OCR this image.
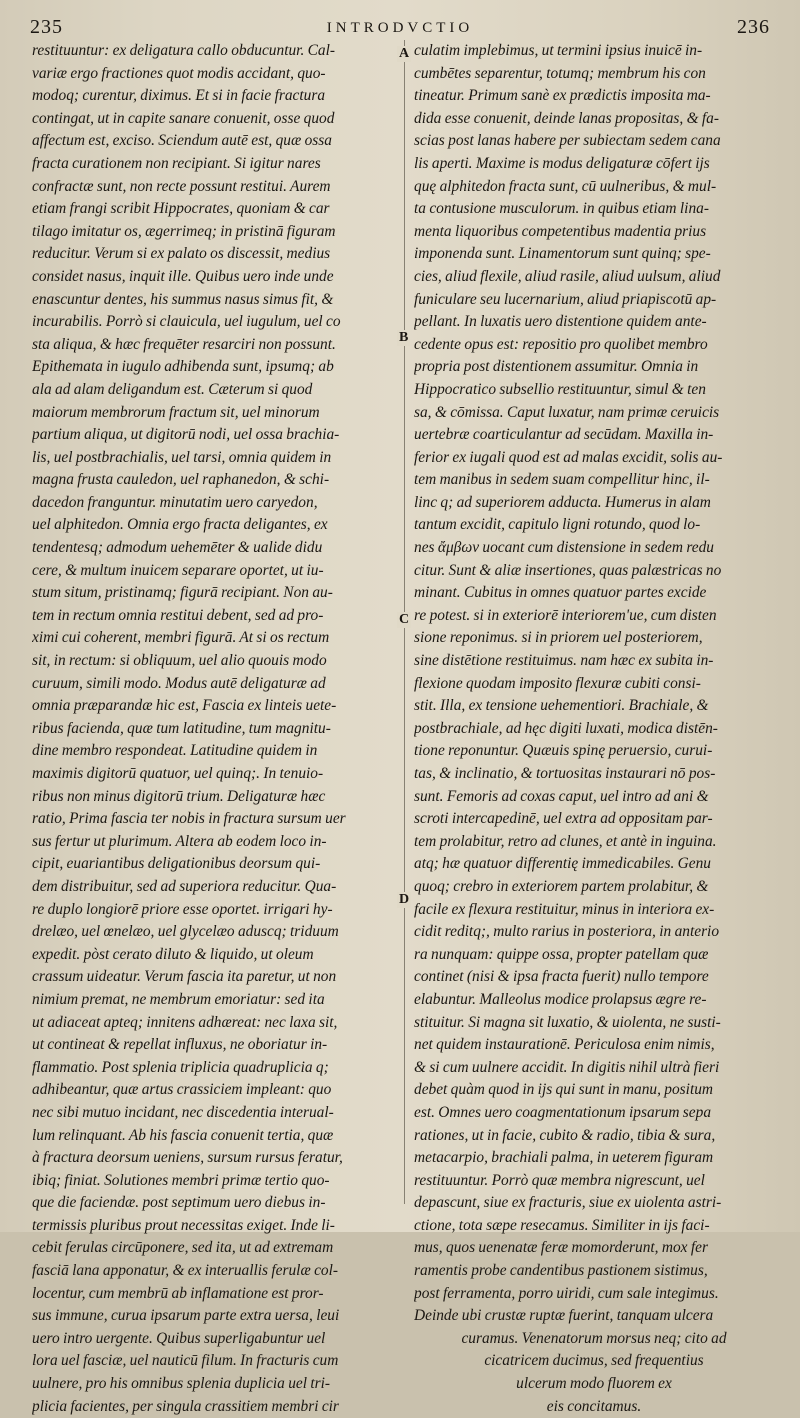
235	INTRODVCTIO	236
restituuntur: ex deligatura callo obducuntur. Cal-
variæ ergo fractiones quot modis accidant, quo-
modoq; curentur, diximus. Et si in facie fractura
contingat, ut in capite sanare conuenit, osse quod
affectum est, exciso. Sciendum autē est, quæ ossa
fracta curationem non recipiant. Si igitur nares
confractæ sunt, non recte possunt restitui. Aurem
etiam frangi scribit Hippocrates, quoniam & car
tilago imitatur os, ægerrimeq; in pristinā figuram
reducitur. Verum si ex palato os discessit, medius
considet nasus, inquit ille. Quibus uero inde unde
enascuntur dentes, his summus nasus simus fit, &
incurabilis. Porrò si clauicula, uel iugulum, uel co
sta aliqua, & hæc frequēter resarciri non possunt.
Epithemata in iugulo adhibenda sunt, ipsumq; ab
ala ad alam deligandum est. Cæterum si quod
maiorum membrorum fractum sit, uel minorum
partium aliqua, ut digitorū nodi, uel ossa brachia-
lis, uel postbrachialis, uel tarsi, omnia quidem in
magna frusta cauledon, uel raphanedon, & schi-
dacedon franguntur. minutatim uero caryedon,
uel alphitedon. Omnia ergo fracta deligantes, ex
tendentesq; admodum uehemēter & ualide didu
cere, & multum inuicem separare oportet, ut iu-
stum situm, pristinamq; figurā recipiant. Non au-
tem in rectum omnia restitui debent, sed ad pro-
ximi cui coherent, membri figurā. At si os rectum
sit, in rectum: si obliquum, uel alio quouis modo
curuum, simili modo. Modus autē deligaturæ ad
omnia præparandæ hic est, Fascia ex linteis uete-
ribus facienda, quæ tum latitudine, tum magnitu-
dine membro respondeat. Latitudine quidem in
maximis digitorū quatuor, uel quinq;. In tenuio-
ribus non minus digitorū trium. Deligaturæ hæc
ratio, Prima fascia ter nobis in fractura sursum uer
sus fertur ut plurimum. Altera ab eodem loco in-
cipit, euariantibus deligationibus deorsum qui-
dem distribuitur, sed ad superiora reducitur. Qua-
re duplo longiorē priore esse oportet. irrigari hy-
drelæo, uel œnelæo, uel glycelæo aduscq; triduum
expedit. pòst cerato diluto & liquido, ut oleum
crassum uideatur. Verum fascia ita paretur, ut non
nimium premat, ne membrum emoriatur: sed ita
ut adiaceat apteq; innitens adhæreat: nec laxa sit,
ut contineat & repellat influxus, ne oboriatur in-
flammatio. Post splenia triplicia quadruplicia q;
adhibeantur, quæ artus crassiciem impleant: quo
nec sibi mutuo incidant, nec discedentia interual-
lum relinquant. Ab his fascia conuenit tertia, quæ
à fractura deorsum ueniens, sursum rursus feratur,
ibiq; finiat. Solutiones membri primæ tertio quo-
que die faciendæ. post septimum uero diebus in-
termissis pluribus prout necessitas exiget. Inde li-
cebit ferulas circūponere, sed ita, ut ad extremam
fasciā lana apponatur, & ex interuallis ferulæ col-
locentur, cum membrū ab inflamatione est pror-
sus immune, curua ipsarum parte extra uersa, leui
uero intro uergente. Quibus superligabuntur uel
lora uel fasciæ, uel nauticū filum. In fracturis cum
uulnere, pro his omnibus splenia duplicia uel tri-
plicia facientes, per singula crassitiem membri cir
culatim implebimus, ut termini ipsius inuicē in-
cumbētes separentur, totumq; membrum his con
tineatur. Primum sanè ex prædictis imposita ma-
dida esse conuenit, deinde lanas propositas, & fa-
scias post lanas habere per subiectam sedem cana
lis aperti. Maxime is modus deligaturæ cōfert ijs
quę alphitedon fracta sunt, cū uulneribus, & mul-
ta contusione musculorum. in quibus etiam lina-
menta liquoribus competentibus madentia prius
imponenda sunt. Linamentorum sunt quinq; spe-
cies, aliud flexile, aliud rasile, aliud uulsum, aliud
funiculare seu lucernarium, aliud priapiscotū ap-
pellant. In luxatis uero distentione quidem ante-
cedente opus est: repositio pro quolibet membro
propria post distentionem assumitur. Omnia in
Hippocratico subsellio restituuntur, simul & ten
sa, & cōmissa. Caput luxatur, nam primæ ceruicis
uertebræ coarticulantur ad secūdam. Maxilla in-
ferior ex iugali quod est ad malas excidit, solis au-
tem manibus in sedem suam compellitur hinc, il-
linc q; ad superiorem adducta. Humerus in alam
tantum excidit, capitulo ligni rotundo, quod lo-
nes ἄμβων uocant cum distensione in sedem redu
citur. Sunt & aliæ insertiones, quas palæstricas no
minant. Cubitus in omnes quatuor partes excide
re potest. si in exteriorē interiorem'ue, cum disten
sione reponimus. si in priorem uel posteriorem,
sine distētione restituimus. nam hæc ex subita in-
flexione quodam imposito flexuræ cubiti consi-
stit. Illa, ex tensione uehementiori. Brachiale, &
postbrachiale, ad hęc digiti luxati, modica distēn-
tione reponuntur. Quæuis spinę peruersio, curui-
tas, & inclinatio, & tortuositas instaurari nō pos-
sunt. Femoris ad coxas caput, uel intro ad ani &
scroti intercapedinē, uel extra ad oppositam par-
tem prolabitur, retro ad clunes, et antè in inguina.
atq; hæ quatuor differentię immedicabiles. Genu
quoq; crebro in exteriorem partem prolabitur, &
facile ex flexura restituitur, minus in interiora ex-
cidit reditq;, multo rarius in posteriora, in anterio
ra nunquam: quippe ossa, propter patellam quæ
continet (nisi & ipsa fracta fuerit) nullo tempore
elabuntur. Malleolus modice prolapsus ægre re-
stituitur. Si magna sit luxatio, & uiolenta, ne susti-
net quidem instaurationē. Periculosa enim nimis,
& si cum uulnere accidit. In digitis nihil ultrà fieri
debet quàm quod in ijs qui sunt in manu, positum
est. Omnes uero coagmentationum ipsarum sepa
rationes, ut in facie, cubito & radio, tibia & sura,
metacarpio, brachiali palma, in ueterem figuram
restituuntur. Porrò quæ membra nigrescunt, uel
depascunt, siue ex fracturis, siue ex uiolenta astri-
ctione, tota sæpe resecamus. Similiter in ijs faci-
mus, quos uenenatæ feræ momorderunt, mox fer
ramentis probe candentibus pastionem sistimus,
post ferramenta, porro uiridi, cum sale integimus.
Deinde ubi crustæ ruptæ fuerint, tanquam ulcera
curamus. Venenatorum morsus neq; cito ad
cicatricem ducimus, sed frequentius
ulcerum modo fluorem ex
eis concitamus.
A
B
C
D
